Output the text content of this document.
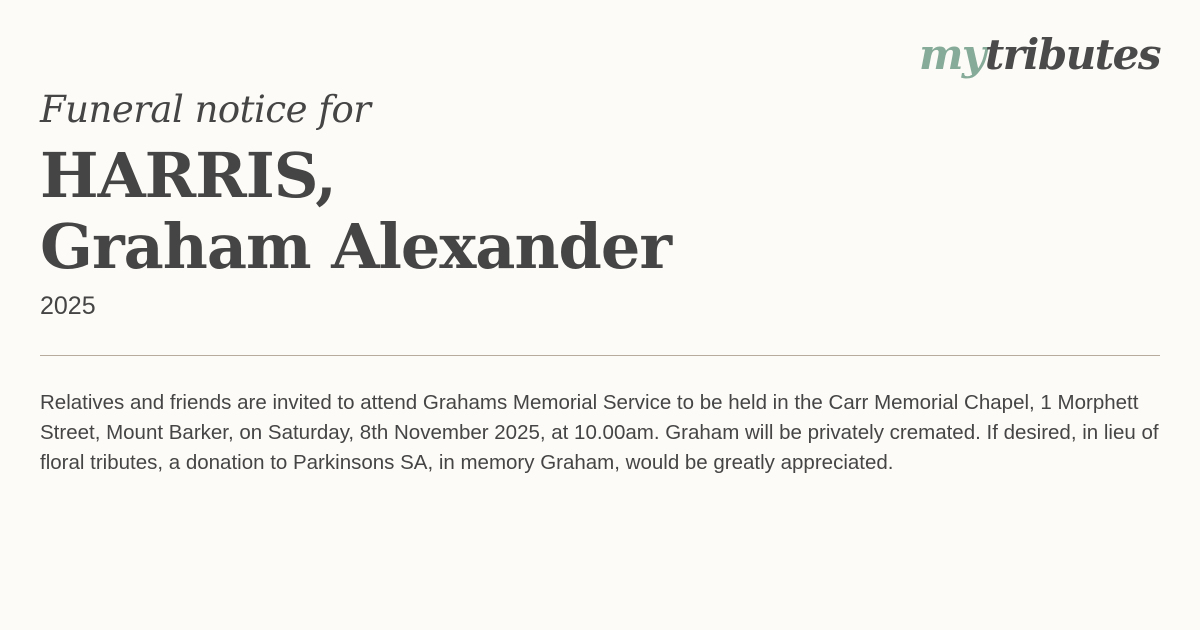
mytributes
Funeral notice for
HARRIS,
Graham Alexander
2025

Relatives and friends are invited to attend Grahams Memorial Service to be held in the Carr Memorial Chapel, 1 Morphett Street, Mount Barker, on Saturday, 8th November 2025, at 10.00am. Graham will be privately cremated. If desired, in lieu of floral tributes, a donation to Parkinsons SA, in memory Graham, would be greatly appreciated.
